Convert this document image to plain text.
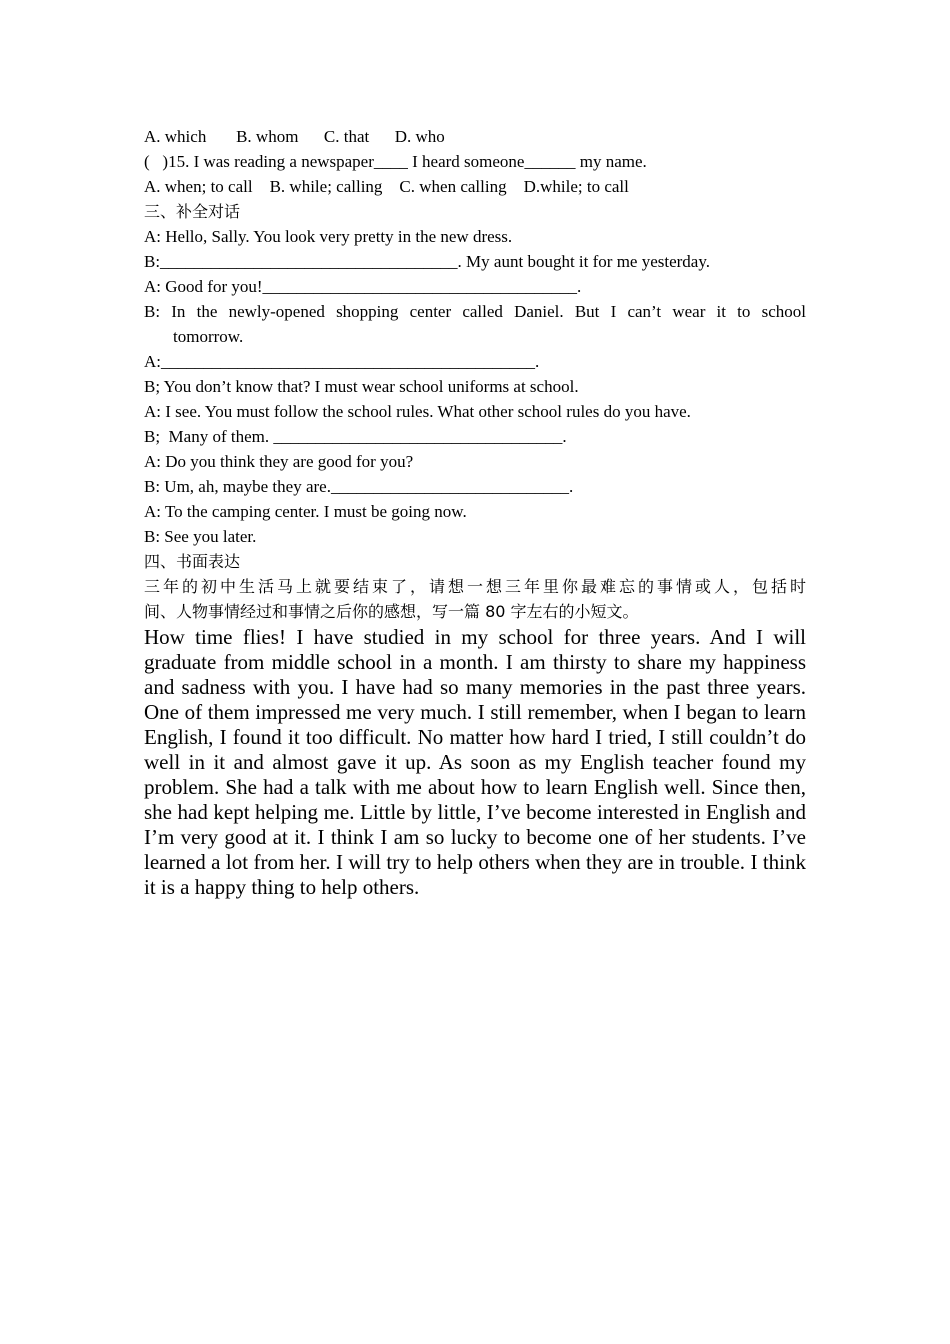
A. which       B. whom      C. that      D. who

(   )15. I was reading a newspaper____ I heard someone______ my name.

A. when; to call    B. while; calling    C. when calling    D.while; to call

三、补全对话

A: Hello, Sally. You look very pretty in the new dress.

B:___________________________________. My aunt bought it for me yesterday.

A: Good for you!_____________________________________.

B: In the newly-opened shopping center called Daniel. But I can’t wear it to school

tomorrow.

A:____________________________________________.

B; You don’t know that? I must wear school uniforms at school.

A: I see. You must follow the school rules. What other school rules do you have.

B;  Many of them. __________________________________.

A: Do you think they are good for you?

B: Um, ah, maybe they are.____________________________.

A: To the camping center. I must be going now.

B: See you later.

四、书面表达

三年的初中生活马上就要结束了，请想一想三年里你最难忘的事情或人，包括时

间、人物事情经过和事情之后你的感想，写一篇 80 字左右的小短文。

How time flies! I have studied in my school for three years. And I will graduate from middle school in a month. I am thirsty to share my happiness and sadness with you. I have had so many memories in the past three years. One of them impressed me very much. I still remember, when I began to learn English, I found it too difficult. No matter how hard I tried, I still couldn’t do well in it and almost gave it up. As soon as my English teacher found my problem. She had a talk with me about how to learn English well. Since then, she had kept helping me. Little by little, I’ve become interested in English and I’m very good at it. I think I am so lucky to become one of her students. I’ve learned a lot from her. I will try to help others when they are in trouble. I think it is a happy thing to help others.
